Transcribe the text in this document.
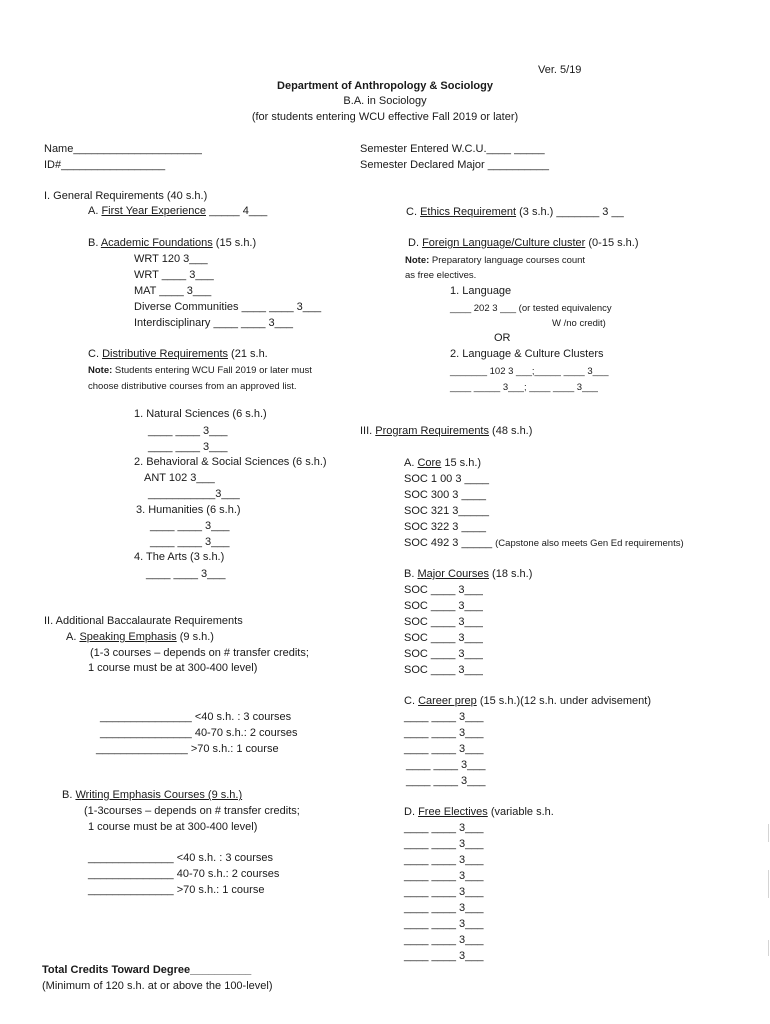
Ver. 5/19
Department of Anthropology & Sociology
B.A. in Sociology
(for students entering WCU effective Fall 2019 or later)
Name_____________________
ID#_________________
Semester Entered W.C.U.____ _____
Semester Declared Major __________
I. General Requirements (40 s.h.)
A. First Year Experience _____ 4___	C. Ethics Requirement (3 s.h.) _______ 3 __
B. Academic Foundations (15 s.h.)
WRT 120 3___
WRT ____ 3___
MAT ____ 3___
Diverse Communities ____ ____ 3___
Interdisciplinary ____ ____ 3___
D. Foreign Language/Culture cluster (0-15 s.h.)
Note: Preparatory language courses count
as free electives.
1. Language
____ 202 3 ___ (or tested equivalency
W /no credit)
OR
2. Language & Culture Clusters
_______ 102 3 ___;_____ ____ 3___
____ _____ 3___; ____ ____ 3___
C. Distributive Requirements (21 s.h.
Note: Students entering WCU Fall 2019 or later must
choose distributive courses from an approved list.
1. Natural Sciences (6 s.h.)
____ ____ 3___
____ ____ 3___
2. Behavioral & Social Sciences (6 s.h.)
ANT 102 3___
___________3___
3. Humanities (6 s.h.)
____ ____ 3___
____ ____ 3___
4. The Arts (3 s.h.)
____ ____ 3___
III. Program Requirements (48 s.h.)
A. Core 15 s.h.)
SOC 1 00 3 ____
SOC 300 3 ____
SOC 321 3_____
SOC 322 3 ____
SOC 492 3 _____ (Capstone also meets Gen Ed requirements)
B. Major Courses (18 s.h.)
SOC ____ 3___
SOC ____ 3___
SOC ____ 3___
SOC ____ 3___
SOC ____ 3___
SOC ____ 3___
C. Career prep (15 s.h.)(12 s.h. under advisement)
____ ____ 3___
____ ____ 3___
____ ____ 3___
____ ____ 3___
____ ____ 3___
D. Free Electives (variable s.h.
____ ____ 3___
____ ____ 3___
____ ____ 3___
____ ____ 3___
____ ____ 3___
____ ____ 3___
____ ____ 3___
____ ____ 3___
____ ____ 3___
II. Additional Baccalaurate Requirements
A. Speaking Emphasis (9 s.h.)
(1-3 courses – depends on # transfer credits;
1 course must be at 300-400 level)
_______________ <40 s.h. : 3 courses
_______________ 40-70 s.h.: 2 courses
_______________ >70 s.h.: 1 course
B. Writing Emphasis Courses (9 s.h.)
(1-3courses – depends on # transfer credits;
1 course must be at 300-400 level)
______________ <40 s.h. : 3 courses
______________ 40-70 s.h.: 2 courses
______________ >70 s.h.: 1 course
Total Credits Toward Degree__________
(Minimum of 120 s.h. at or above the 100-level)
